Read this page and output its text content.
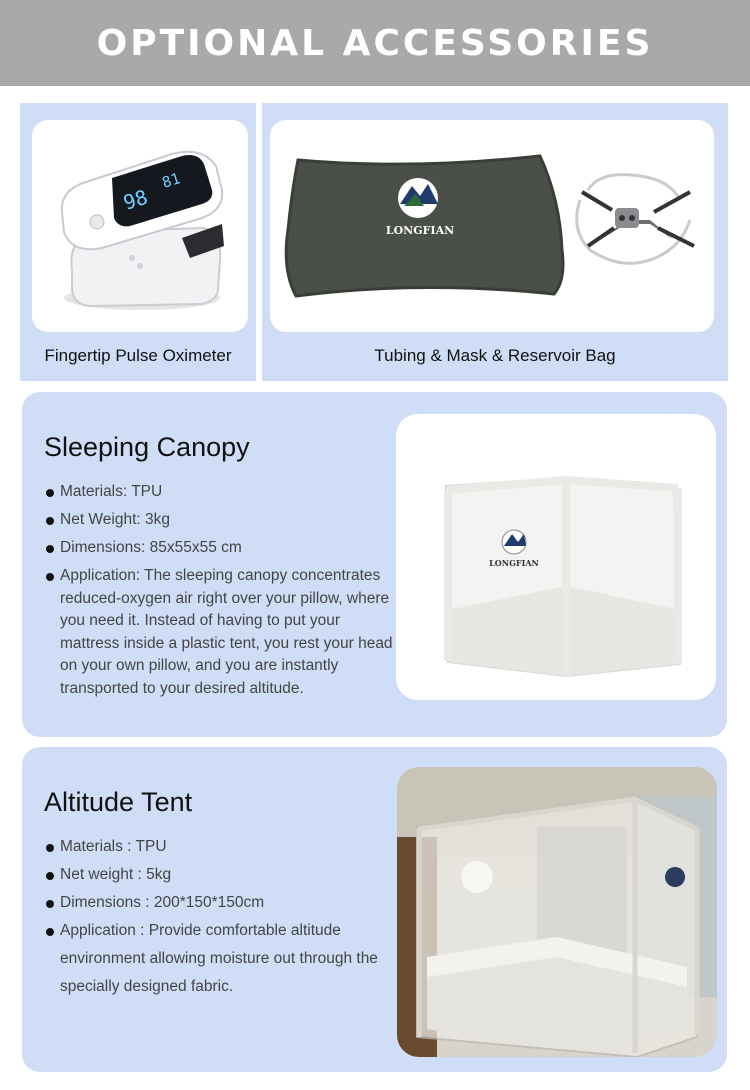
OPTIONAL ACCESSORIES
98
81
Fingertip Pulse Oximeter
LONGFIAN
Tubing & Mask & Reservoir Bag
Sleeping Canopy
Materials: TPU
Net Weight: 3kg
Dimensions: 85x55x55 cm
Application: The sleeping canopy concentrates reduced-oxygen air right over your pillow, where you need it. Instead of having to put your mattress inside a plastic tent, you rest your head on your own pillow, and you are instantly transported to your desired altitude.
LONGFIAN
Altitude Tent
Materials : TPU
Net weight : 5kg
Dimensions : 200*150*150cm
Application : Provide comfortable altitude environment allowing moisture out through the specially designed fabric.
